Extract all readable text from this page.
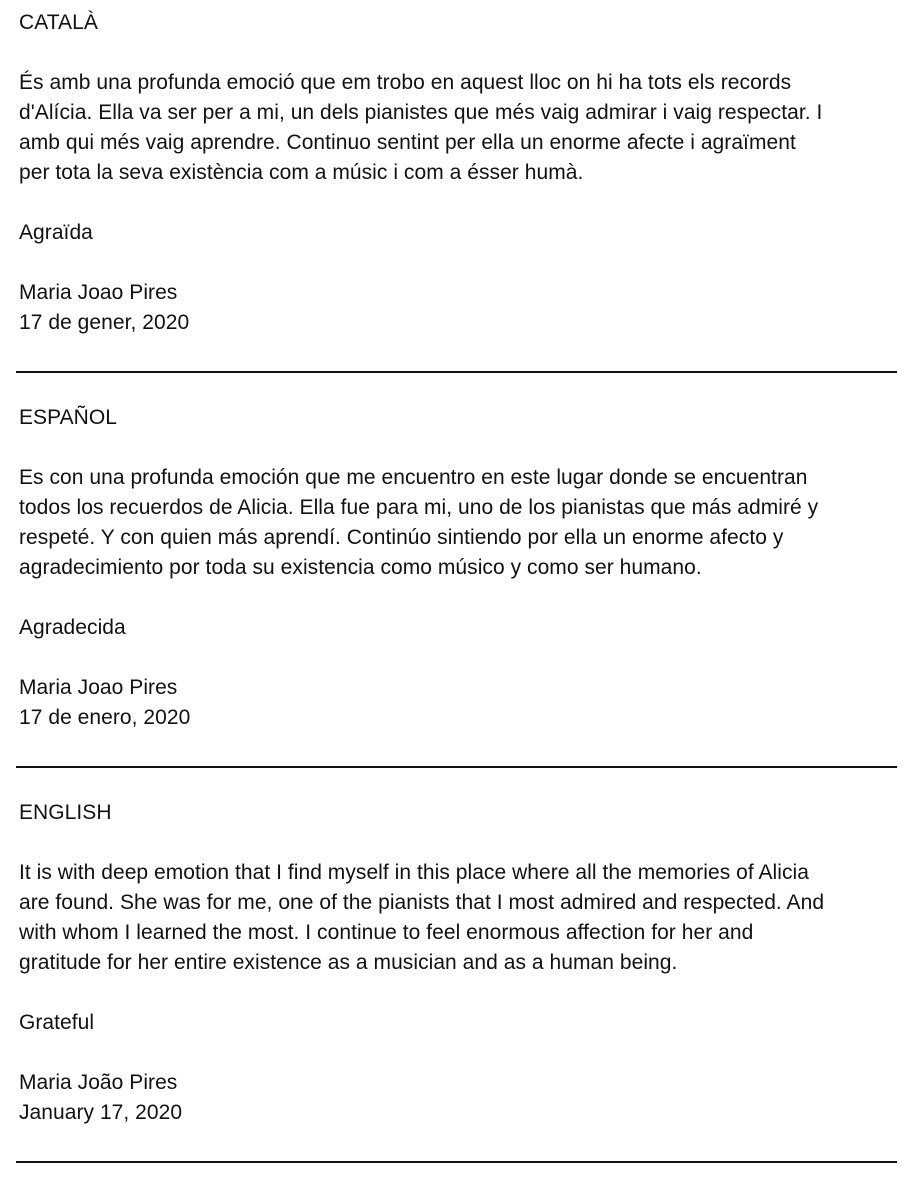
CATALÀ
És amb una profunda emoció que em trobo en aquest lloc on hi ha tots els records
d'Alícia. Ella va ser per a mi, un dels pianistes que més vaig admirar i vaig respectar. I
amb qui més vaig aprendre. Continuo sentint per ella un enorme afecte i agraïment
per tota la seva existència com a músic i com a ésser humà.
Agraïda
Maria Joao Pires
17 de gener, 2020
ESPAÑOL
Es con una profunda emoción que me encuentro en este lugar donde se encuentran
todos los recuerdos de Alicia. Ella fue para mi, uno de los pianistas que más admiré y
respeté. Y con quien más aprendí. Continúo sintiendo por ella un enorme afecto y
agradecimiento por toda su existencia como músico y como ser humano.
Agradecida
Maria Joao Pires
17 de enero, 2020
ENGLISH
It is with deep emotion that I find myself in this place where all the memories of Alicia
are found. She was for me, one of the pianists that I most admired and respected. And
with whom I learned the most. I continue to feel enormous affection for her and
gratitude for her entire existence as a musician and as a human being.
Grateful
Maria João Pires
January 17, 2020
